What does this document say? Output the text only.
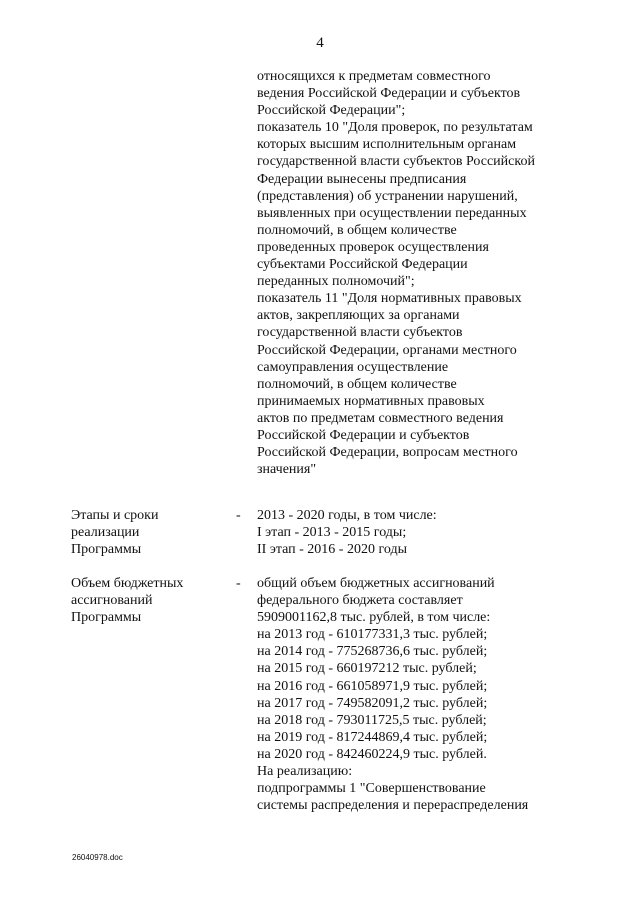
4
относящихся к предметам совместного
ведения Российской Федерации и субъектов
Российской Федерации";
показатель 10 "Доля проверок, по результатам
которых высшим исполнительным органам
государственной власти субъектов Российской
Федерации вынесены предписания
(представления) об устранении нарушений,
выявленных при осуществлении переданных
полномочий, в общем количестве
проведенных проверок осуществления
субъектами Российской Федерации
переданных полномочий";
показатель 11 "Доля нормативных правовых
актов, закрепляющих за органами
государственной власти субъектов
Российской Федерации, органами местного
самоуправления осуществление
полномочий, в общем количестве
принимаемых нормативных правовых
актов по предметам совместного ведения
Российской Федерации и субъектов
Российской Федерации, вопросам местного
значения"
Этапы и сроки
реализации
Программы
- 2013 - 2020 годы, в том числе:
I этап - 2013 - 2015 годы;
II этап - 2016 - 2020 годы
Объем бюджетных
ассигнований
Программы
- общий объем бюджетных ассигнований
федерального бюджета составляет
5909001162,8 тыс. рублей, в том числе:
на 2013 год - 610177331,3 тыс. рублей;
на 2014 год - 775268736,6 тыс. рублей;
на 2015 год - 660197212 тыс. рублей;
на 2016 год - 661058971,9 тыс. рублей;
на 2017 год - 749582091,2 тыс. рублей;
на 2018 год - 793011725,5 тыс. рублей;
на 2019 год - 817244869,4 тыс. рублей;
на 2020 год - 842460224,9 тыс. рублей.
На реализацию:
подпрограммы 1 "Совершенствование
системы распределения и перераспределения
26040978.doc
